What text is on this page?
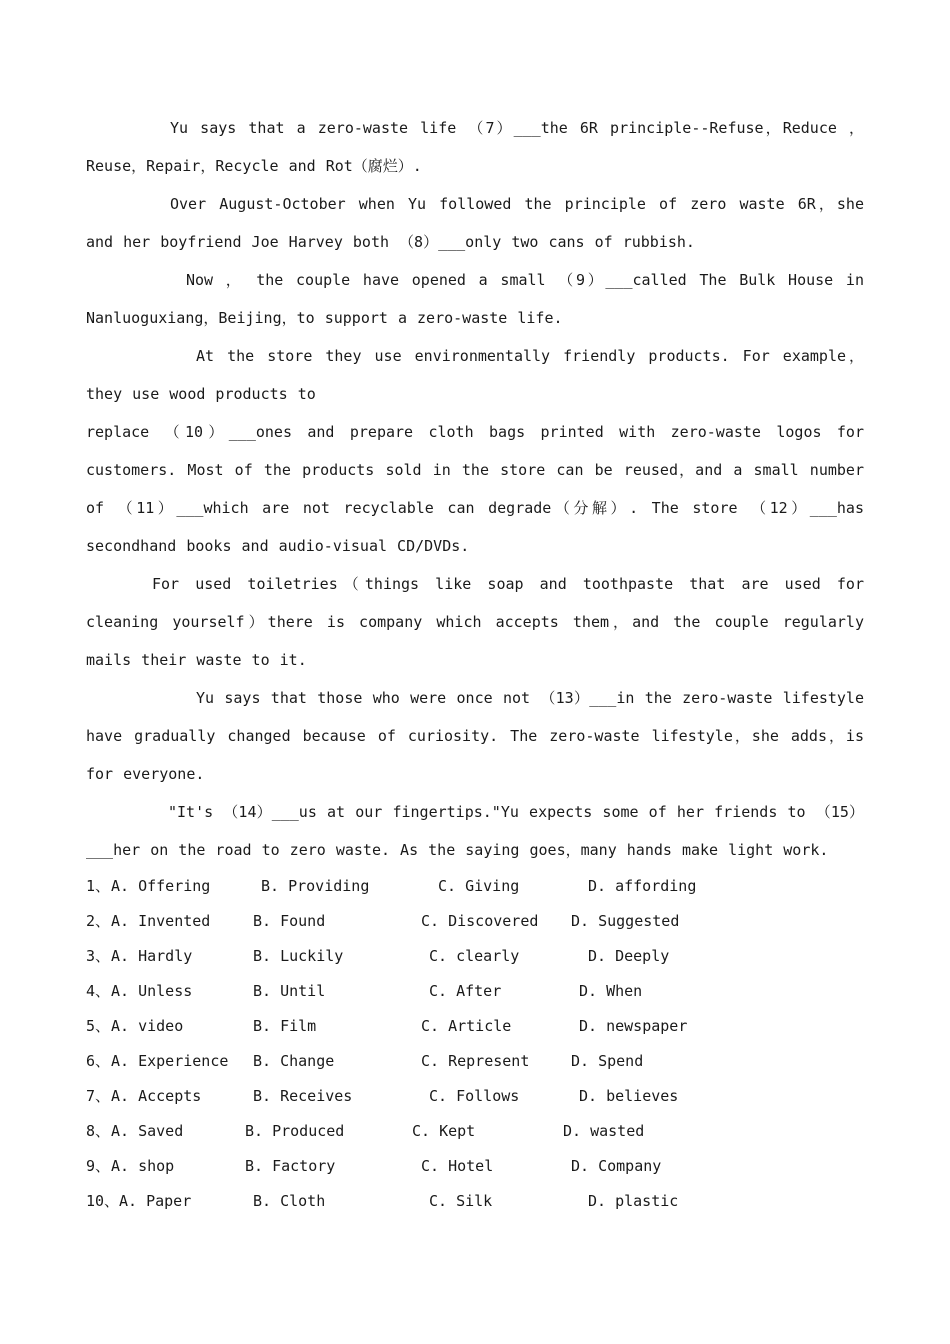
Yu says that a zero-waste life （7）___the 6R principle--Refuse，Reduce ，Reuse，Repair，Recycle and Rot（腐烂）.

Over August-October when Yu followed the principle of zero waste 6R，she and her boyfriend Joe Harvey both （8）___only two cans of rubbish.

Now ， the couple have opened a small （9）___called The Bulk House in Nanluoguxiang，Beijing，to support a zero-waste life.

At the store they use environmentally friendly products. For example，they use wood products to

replace （10）___ones and prepare cloth bags printed with zero-waste logos for customers. Most of the products sold in the store can be reused，and a small number of （11）___which are not recyclable can degrade（分解）. The store （12）___has secondhand books and audio-visual CD/DVDs.

For used toiletries（things like soap and toothpaste that are used for cleaning yourself）there is company which accepts them，and the couple regularly mails their waste to it.

Yu says that those who were once not （13）___in the zero-waste lifestyle have gradually changed because of curiosity. The zero-waste lifestyle，she adds，is for everyone.

"It's （14）___us at our fingertips."Yu expects some of her friends to （15）___her on the road to zero waste. As the saying goes，many hands make light work.

1、 A. Offering	B. Providing	C. Giving	D. affording
2、 A. Invented	B. Found	C. Discovered D. Suggested
3、 A. Hardly	B. Luckily	C. clearly	D. Deeply
4、 A. Unless	B. Until	C. After	D. When
5、 A. video	B. Film	C. Article	D. newspaper
6、 A. Experience B. Change	C. Represent	D. Spend
7、 A. Accepts	B. Receives	C. Follows	D. believes
8、 A. Saved	B. Produced	C. Kept	D. wasted
9、 A. shop	B. Factory	C. Hotel	D. Company
10、 A. Paper	B. Cloth	C. Silk	D. plastic
